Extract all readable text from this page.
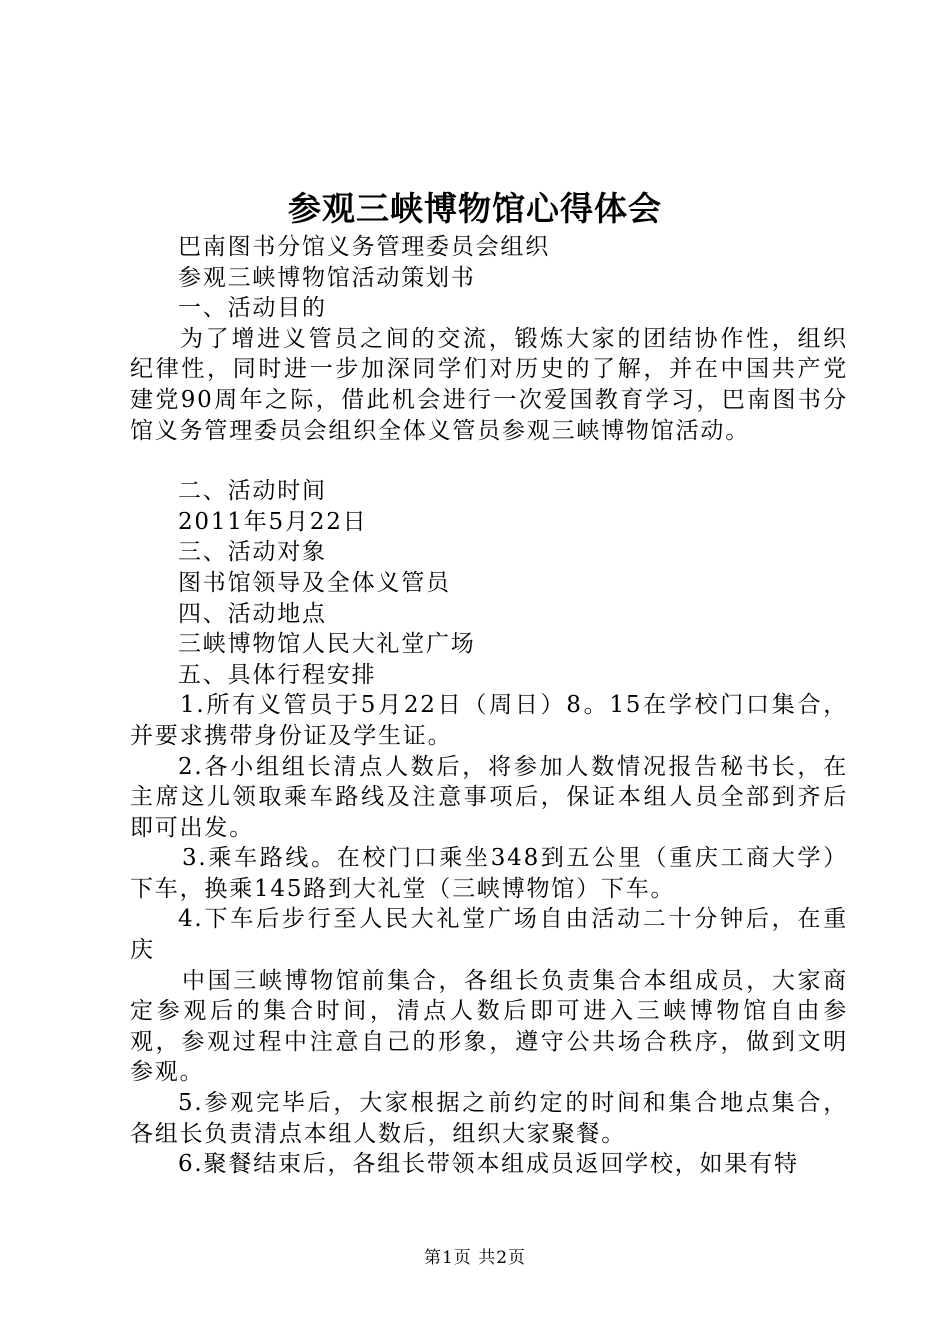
参观三峡博物馆心得体会
巴南图书分馆义务管理委员会组织
参观三峡博物馆活动策划书
一、活动目的

为了增进义管员之间的交流，锻炼大家的团结协作性，组织纪律性，同时进一步加深同学们对历史的了解，并在中国共产党建党90周年之际，借此机会进行一次爱国教育学习，巴南图书分馆义务管理委员会组织全体义管员参观三峡博物馆活动。

二、活动时间
2011年5月22日
三、活动对象
图书馆领导及全体义管员
四、活动地点
三峡博物馆人民大礼堂广场
五、具体行程安排

1.所有义管员于5月22日（周日）8。15在学校门口集合，并要求携带身份证及学生证。

2.各小组组长清点人数后，将参加人数情况报告秘书长，在主席这儿领取乘车路线及注意事项后，保证本组人员全部到齐后即可出发。

3.乘车路线。在校门口乘坐348到五公里（重庆工商大学）下车，换乘145路到大礼堂（三峡博物馆）下车。

4.下车后步行至人民大礼堂广场自由活动二十分钟后，在重庆

中国三峡博物馆前集合，各组长负责集合本组成员，大家商定参观后的集合时间，清点人数后即可进入三峡博物馆自由参观，参观过程中注意自己的形象，遵守公共场合秩序，做到文明参观。

5.参观完毕后，大家根据之前约定的时间和集合地点集合，各组长负责清点本组人数后，组织大家聚餐。

6.聚餐结束后，各组长带领本组成员返回学校，如果有特

第1页 共2页
